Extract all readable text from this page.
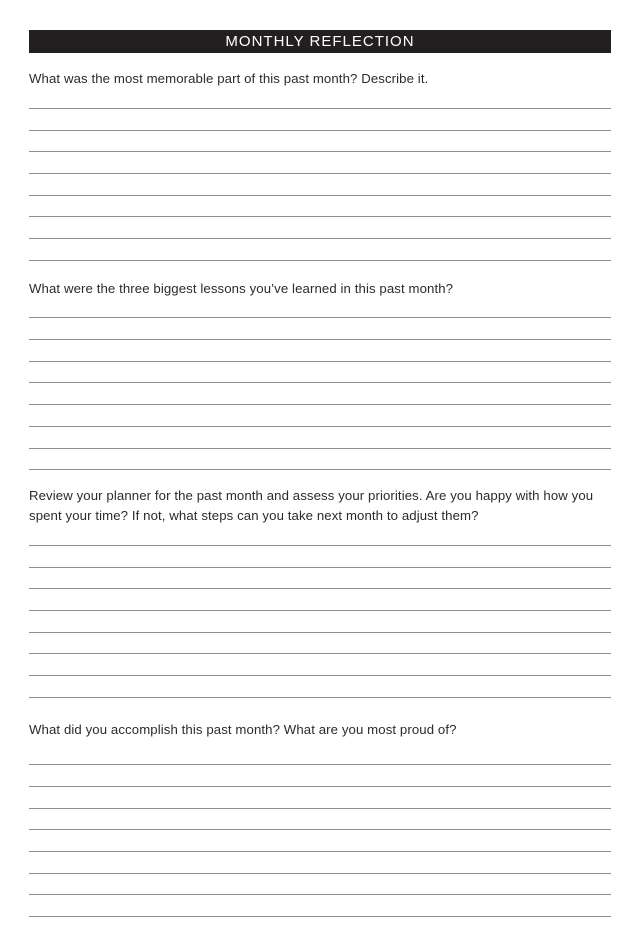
MONTHLY REFLECTION

What was the most memorable part of this past month? Describe it.

What were the three biggest lessons you’ve learned in this past month?

Review your planner for the past month and assess your priorities. Are you happy with how you spent your time? If not, what steps can you take next month to adjust them?

What did you accomplish this past month? What are you most proud of?
